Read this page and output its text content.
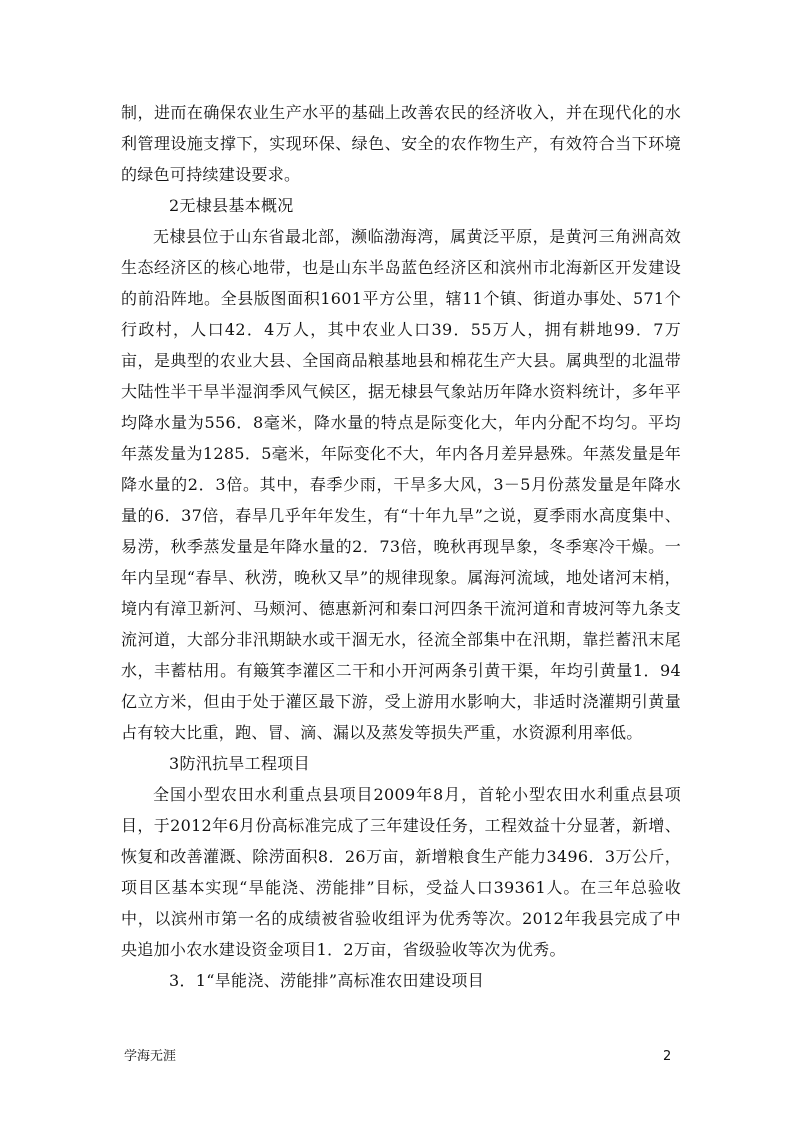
制，进而在确保农业生产水平的基础上改善农民的经济收入，并在现代化的水利管理设施支撑下，实现环保、绿色、安全的农作物生产，有效符合当下环境的绿色可持续建设要求。

2无棣县基本概况

无棣县位于山东省最北部，濒临渤海湾，属黄泛平原，是黄河三角洲高效生态经济区的核心地带，也是山东半岛蓝色经济区和滨州市北海新区开发建设的前沿阵地。全县版图面积1601平方公里，辖11个镇、街道办事处、571个行政村，人口42．4万人，其中农业人口39．55万人，拥有耕地99．7万亩，是典型的农业大县、全国商品粮基地县和棉花生产大县。属典型的北温带大陆性半干旱半湿润季风气候区，据无棣县气象站历年降水资料统计，多年平均降水量为556．8毫米，降水量的特点是际变化大，年内分配不均匀。平均年蒸发量为1285．5毫米，年际变化不大，年内各月差异悬殊。年蒸发量是年降水量的2．3倍。其中，春季少雨，干旱多大风，3－5月份蒸发量是年降水量的6．37倍，春旱几乎年年发生，有“十年九旱”之说，夏季雨水高度集中、易涝，秋季蒸发量是年降水量的2．73倍，晚秋再现旱象，冬季寒冷干燥。一年内呈现“春旱、秋涝，晚秋又旱”的规律现象。属海河流域，地处诸河末梢，境内有漳卫新河、马颊河、德惠新河和秦口河四条干流河道和青坡河等九条支流河道，大部分非汛期缺水或干涸无水，径流全部集中在汛期，靠拦蓄汛末尾水，丰蓄枯用。有簸箕李灌区二干和小开河两条引黄干渠，年均引黄量1．94亿立方米，但由于处于灌区最下游，受上游用水影响大，非适时浇灌期引黄量占有较大比重，跑、冒、滴、漏以及蒸发等损失严重，水资源利用率低。

3防汛抗旱工程项目

全国小型农田水利重点县项目2009年8月，首轮小型农田水利重点县项目，于2012年6月份高标准完成了三年建设任务，工程效益十分显著，新增、恢复和改善灌溉、除涝面积8．26万亩，新增粮食生产能力3496．3万公斤，项目区基本实现“旱能浇、涝能排”目标，受益人口39361人。在三年总验收中，以滨州市第一名的成绩被省验收组评为优秀等次。2012年我县完成了中央追加小农水建设资金项目1．2万亩，省级验收等次为优秀。

3．1“旱能浇、涝能排”高标准农田建设项目

学海无涯	2
